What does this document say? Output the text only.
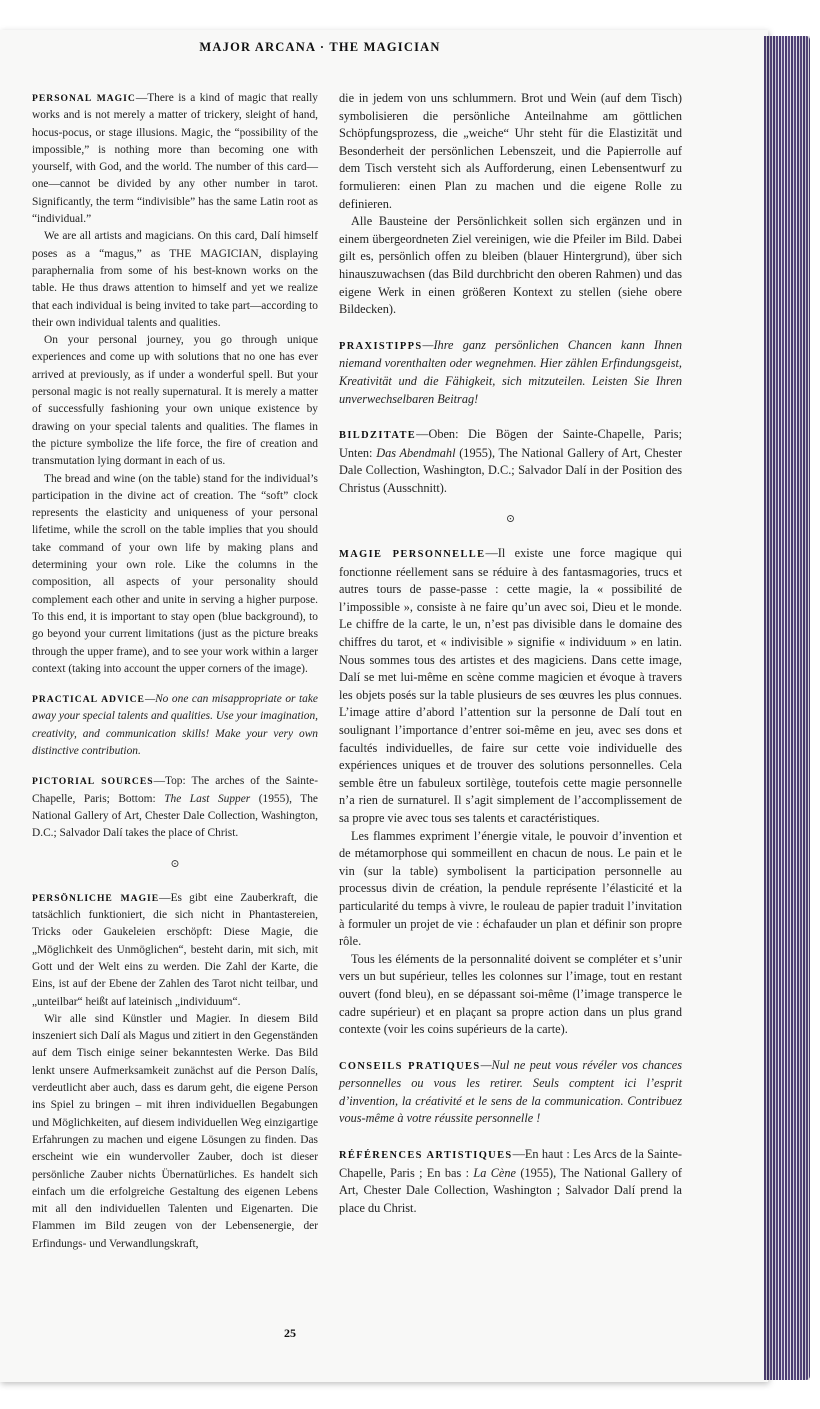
MAJOR ARCANA · THE MAGICIAN

PERSONAL MAGIC—There is a kind of magic that really works and is not merely a matter of trickery, sleight of hand, hocus-pocus, or stage illusions. Magic, the “possibility of the impossible,” is nothing more than becoming one with yourself, with God, and the world. The number of this card—one—cannot be divided by any other number in tarot. Significantly, the term “indivisible” has the same Latin root as “individual.”

We are all artists and magicians. On this card, Dalí himself poses as a “magus,” as THE MAGICIAN, displaying paraphernalia from some of his best-known works on the table. He thus draws attention to himself and yet we realize that each individual is being invited to take part—according to their own individual talents and qualities.

On your personal journey, you go through unique experiences and come up with solutions that no one has ever arrived at previously, as if under a wonderful spell. But your personal magic is not really supernatural. It is merely a matter of successfully fashioning your own unique existence by drawing on your special talents and qualities. The flames in the picture symbolize the life force, the fire of creation and transmutation lying dormant in each of us.

The bread and wine (on the table) stand for the individual’s participation in the divine act of creation. The “soft” clock represents the elasticity and uniqueness of your personal lifetime, while the scroll on the table implies that you should take command of your own life by making plans and determining your own role. Like the columns in the composition, all aspects of your personality should complement each other and unite in serving a higher purpose. To this end, it is important to stay open (blue background), to go beyond your current limitations (just as the picture breaks through the upper frame), and to see your work within a larger context (taking into account the upper corners of the image).

PRACTICAL ADVICE—No one can misappropriate or take away your special talents and qualities. Use your imagination, creativity, and communication skills! Make your very own distinctive contribution.

PICTORIAL SOURCES—Top: The arches of the Sainte-Chapelle, Paris; Bottom: The Last Supper (1955), The National Gallery of Art, Chester Dale Collection, Washington, D.C.; Salvador Dalí takes the place of Christ.

⊙

PERSÖNLICHE MAGIE—Es gibt eine Zauberkraft, die tatsächlich funktioniert, die sich nicht in Phantastereien, Tricks oder Gaukeleien erschöpft: Diese Magie, die „Möglichkeit des Unmöglichen“, besteht darin, mit sich, mit Gott und der Welt eins zu werden. Die Zahl der Karte, die Eins, ist auf der Ebene der Zahlen des Tarot nicht teilbar, und „unteilbar“ heißt auf lateinisch „individuum“.

Wir alle sind Künstler und Magier. In diesem Bild inszeniert sich Dalí als Magus und zitiert in den Gegenständen auf dem Tisch einige seiner bekanntesten Werke. Das Bild lenkt unsere Aufmerksamkeit zunächst auf die Person Dalís, verdeutlicht aber auch, dass es darum geht, die eigene Person ins Spiel zu bringen – mit ihren individuellen Begabungen und Möglichkeiten, auf diesem individuellen Weg einzigartige Erfahrungen zu machen und eigene Lösungen zu finden. Das erscheint wie ein wundervoller Zauber, doch ist dieser persönliche Zauber nichts Übernatürliches. Es handelt sich einfach um die erfolgreiche Gestaltung des eigenen Lebens mit all den individuellen Talenten und Eigenarten. Die Flammen im Bild zeugen von der Lebensenergie, der Erfindungs- und Verwandlungskraft,

die in jedem von uns schlummern. Brot und Wein (auf dem Tisch) symbolisieren die persönliche Anteilnahme am göttlichen Schöpfungsprozess, die „weiche“ Uhr steht für die Elastizität und Besonderheit der persönlichen Lebenszeit, und die Papierrolle auf dem Tisch versteht sich als Aufforderung, einen Lebensentwurf zu formulieren: einen Plan zu machen und die eigene Rolle zu definieren.

Alle Bausteine der Persönlichkeit sollen sich ergänzen und in einem übergeordneten Ziel vereinigen, wie die Pfeiler im Bild. Dabei gilt es, persönlich offen zu bleiben (blauer Hintergrund), über sich hinauszuwachsen (das Bild durchbricht den oberen Rahmen) und das eigene Werk in einen größeren Kontext zu stellen (siehe obere Bildecken).

PRAXISTIPPS—Ihre ganz persönlichen Chancen kann Ihnen niemand vorenthalten oder wegnehmen. Hier zählen Erfindungsgeist, Kreativität und die Fähigkeit, sich mitzuteilen. Leisten Sie Ihren unverwechselbaren Beitrag!

BILDZITATE—Oben: Die Bögen der Sainte-Chapelle, Paris; Unten: Das Abendmahl (1955), The National Gallery of Art, Chester Dale Collection, Washington, D.C.; Salvador Dalí in der Position des Christus (Ausschnitt).

⊙

MAGIE PERSONNELLE—Il existe une force magique qui fonctionne réellement sans se réduire à des fantasmagories, trucs et autres tours de passe-passe : cette magie, la « possibilité de l’impossible », consiste à ne faire qu’un avec soi, Dieu et le monde. Le chiffre de la carte, le un, n’est pas divisible dans le domaine des chiffres du tarot, et « indivisible » signifie « individuum » en latin. Nous sommes tous des artistes et des magiciens. Dans cette image, Dalí se met lui-même en scène comme magicien et évoque à travers les objets posés sur la table plusieurs de ses œuvres les plus connues. L’image attire d’abord l’attention sur la personne de Dalí tout en soulignant l’importance d’entrer soi-même en jeu, avec ses dons et facultés individuelles, de faire sur cette voie individuelle des expériences uniques et de trouver des solutions personnelles. Cela semble être un fabuleux sortilège, toutefois cette magie personnelle n’a rien de surnaturel. Il s’agit simplement de l’accomplissement de sa propre vie avec tous ses talents et caractéristiques.

Les flammes expriment l’énergie vitale, le pouvoir d’invention et de métamorphose qui sommeillent en chacun de nous. Le pain et le vin (sur la table) symbolisent la participation personnelle au processus divin de création, la pendule représente l’élasticité et la particularité du temps à vivre, le rouleau de papier traduit l’invitation à formuler un projet de vie : échafauder un plan et définir son propre rôle.

Tous les éléments de la personnalité doivent se compléter et s’unir vers un but supérieur, telles les colonnes sur l’image, tout en restant ouvert (fond bleu), en se dépassant soi-même (l’image transperce le cadre supérieur) et en plaçant sa propre action dans un plus grand contexte (voir les coins supérieurs de la carte).

CONSEILS PRATIQUES—Nul ne peut vous révéler vos chances personnelles ou vous les retirer. Seuls comptent ici l’esprit d’invention, la créativité et le sens de la communication. Contribuez vous-même à votre réussite personnelle !

RÉFÉRENCES ARTISTIQUES—En haut : Les Arcs de la Sainte-Chapelle, Paris ; En bas : La Cène (1955), The National Gallery of Art, Chester Dale Collection, Washington ; Salvador Dalí prend la place du Christ.

25
